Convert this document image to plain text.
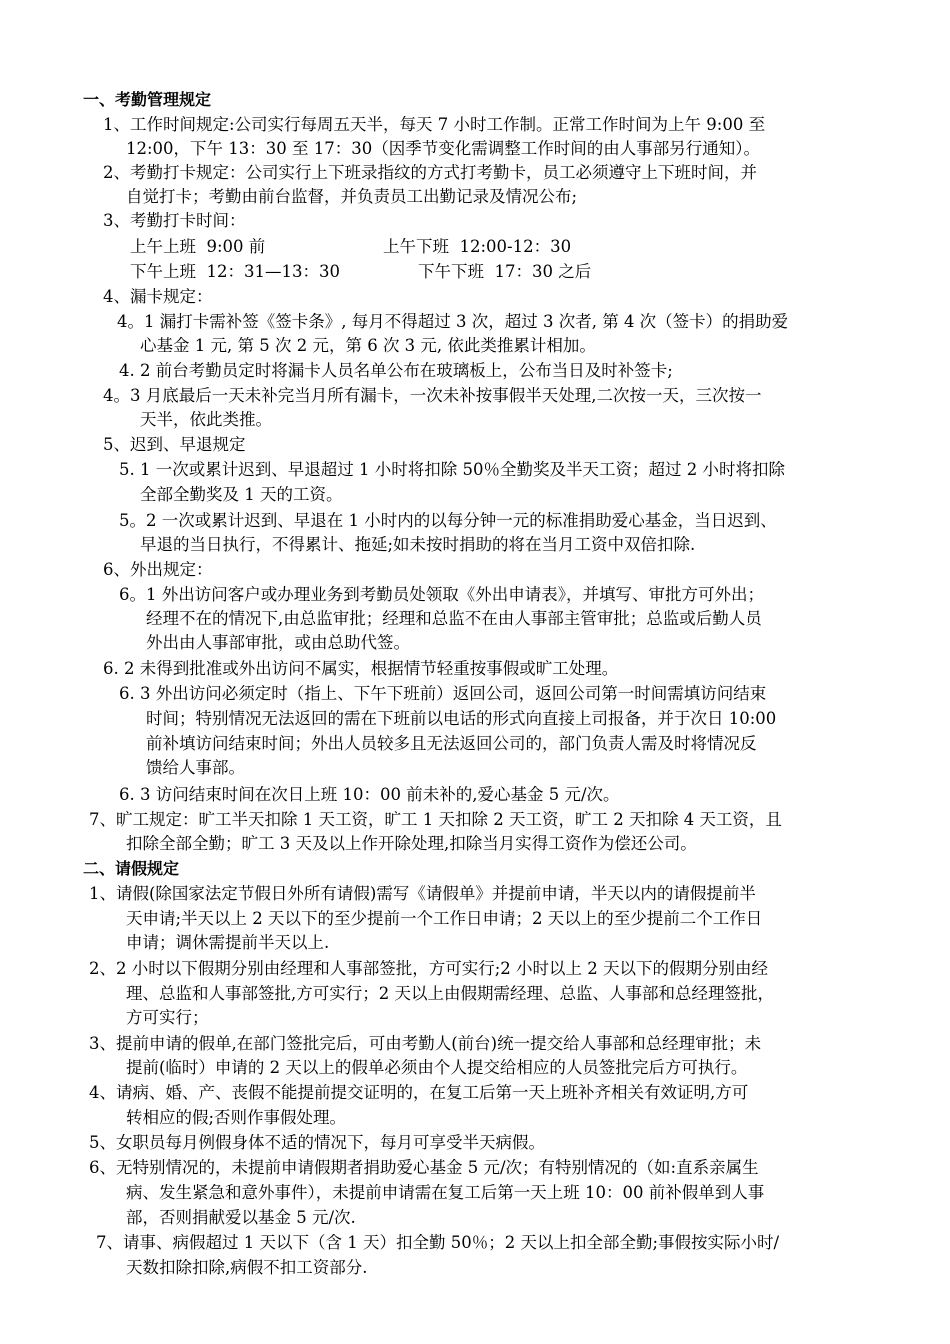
一、考勤管理规定
1、工作时间规定:公司实行每周五天半，每天 7 小时工作制。正常工作时间为上午 9:00 至
12:00，下午 13：30 至 17：30（因季节变化需调整工作时间的由人事部另行通知）。
2、考勤打卡规定：公司实行上下班录指纹的方式打考勤卡，员工必须遵守上下班时间，并
自觉打卡；考勤由前台监督，并负责员工出勤记录及情况公布;
3、考勤打卡时间：
上午上班  9:00 前	上午下班  12:00-12：30
下午上班  12：31—13：30	下午下班  17：30 之后
4、漏卡规定：
4。1 漏打卡需补签《签卡条》, 每月不得超过 3 次，超过 3 次者, 第 4 次（签卡）的捐助爱
心基金 1 元, 第 5 次 2 元，第 6 次 3 元, 依此类推累计相加。
4. 2 前台考勤员定时将漏卡人员名单公布在玻璃板上，公布当日及时补签卡;
4。3 月底最后一天未补完当月所有漏卡，一次未补按事假半天处理,二次按一天，三次按一
天半，依此类推。
5、迟到、早退规定
5. 1 一次或累计迟到、早退超过 1 小时将扣除 50％全勤奖及半天工资；超过 2 小时将扣除
全部全勤奖及 1 天的工资。
5。2 一次或累计迟到、早退在 1 小时内的以每分钟一元的标准捐助爱心基金，当日迟到、
早退的当日执行，不得累计、拖延;如未按时捐助的将在当月工资中双倍扣除.
6、外出规定：
6。1 外出访问客户或办理业务到考勤员处领取《外出申请表》，并填写、审批方可外出；
经理不在的情况下,由总监审批；经理和总监不在由人事部主管审批；总监或后勤人员
外出由人事部审批，或由总助代签。
6. 2 未得到批准或外出访问不属实，根据情节轻重按事假或旷工处理。
6. 3 外出访问必须定时（指上、下午下班前）返回公司，返回公司第一时间需填访问结束
时间；特别情况无法返回的需在下班前以电话的形式向直接上司报备，并于次日 10:00
前补填访问结束时间；外出人员较多且无法返回公司的，部门负责人需及时将情况反
馈给人事部。
6. 3 访问结束时间在次日上班 10：00 前未补的,爱心基金 5 元/次。
7、旷工规定：旷工半天扣除 1 天工资，旷工 1 天扣除 2 天工资，旷工 2 天扣除 4 天工资，且
扣除全部全勤；旷工 3 天及以上作开除处理,扣除当月实得工资作为偿还公司。
二、请假规定
1、请假(除国家法定节假日外所有请假)需写《请假单》并提前申请，半天以内的请假提前半
天申请;半天以上 2 天以下的至少提前一个工作日申请；2 天以上的至少提前二个工作日
申请；调休需提前半天以上.
2、2 小时以下假期分别由经理和人事部签批，方可实行;2 小时以上 2 天以下的假期分别由经
理、总监和人事部签批,方可实行；2 天以上由假期需经理、总监、人事部和总经理签批，
方可实行；
3、提前申请的假单,在部门签批完后，可由考勤人(前台)统一提交给人事部和总经理审批；未
提前(临时）申请的 2 天以上的假单必须由个人提交给相应的人员签批完后方可执行。
4、请病、婚、产、丧假不能提前提交证明的，在复工后第一天上班补齐相关有效证明,方可
转相应的假;否则作事假处理。
5、女职员每月例假身体不适的情况下，每月可享受半天病假。
6、无特别情况的，未提前申请假期者捐助爱心基金 5 元/次；有特别情况的（如:直系亲属生
病、发生紧急和意外事件），未提前申请需在复工后第一天上班 10：00 前补假单到人事
部，否则捐献爱以基金 5 元/次.
7、请事、病假超过 1 天以下（含 1 天）扣全勤 50％；2 天以上扣全部全勤;事假按实际小时/
天数扣除扣除,病假不扣工资部分.
